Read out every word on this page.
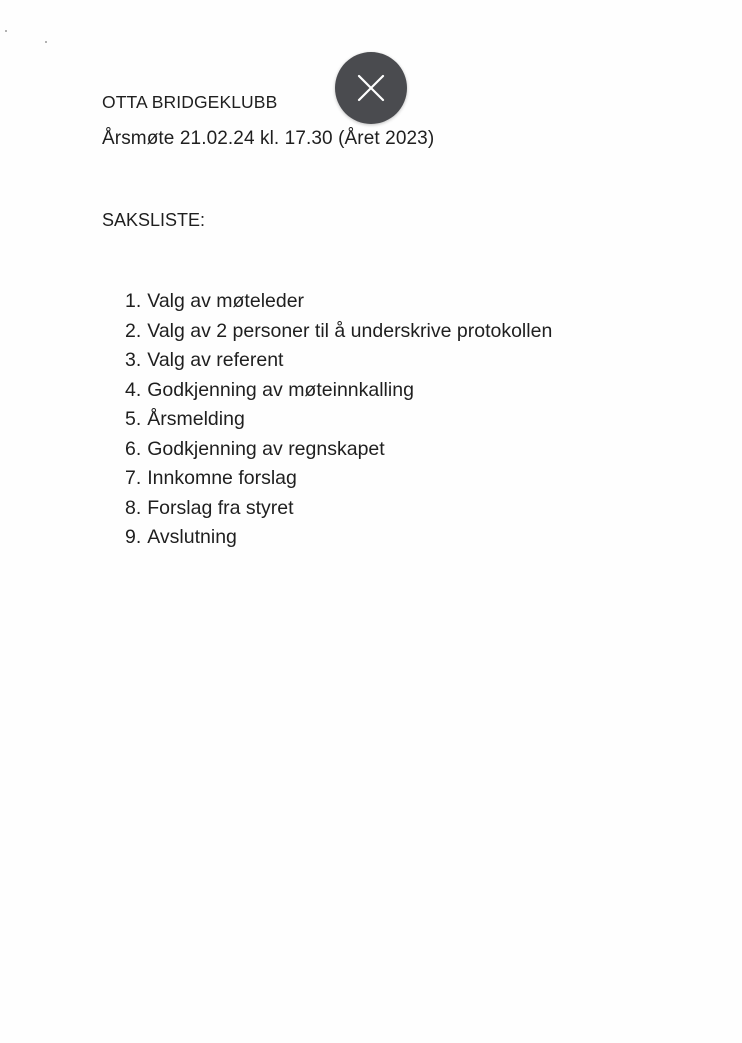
OTTA BRIDGEKLUBB
Årsmøte 21.02.24 kl. 17.30 (Året 2023)
SAKSLISTE:
1. Valg av møteleder
2. Valg av 2 personer til å underskrive protokollen
3. Valg av referent
4. Godkjenning av møteinnkalling
5. Årsmelding
6. Godkjenning av regnskapet
7. Innkomne forslag
8. Forslag fra styret
9. Avslutning
